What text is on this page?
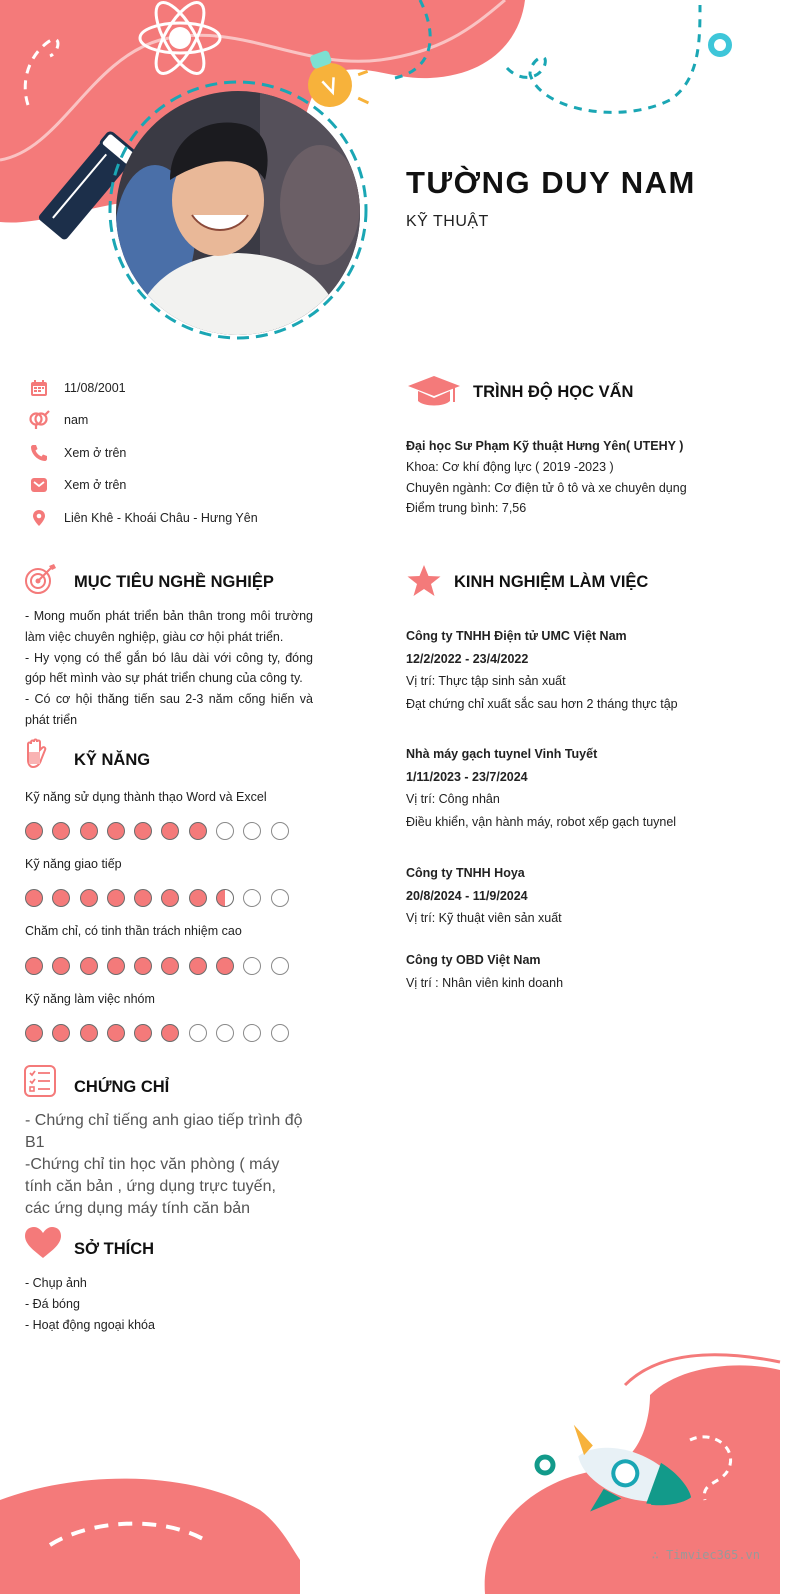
TƯỜNG DUY NAM
KỸ THUẬT
11/08/2001
nam
Xem ở trên
Xem ở trên
Liên Khê - Khoái Châu - Hưng Yên
MỤC TIÊU NGHỀ NGHIỆP
- Mong muốn phát triển bản thân trong môi trường làm việc chuyên nghiệp, giàu cơ hội phát triển.
- Hy vọng có thể gắn bó lâu dài với công ty, đóng góp hết mình vào sự phát triển chung của công ty.
- Có cơ hội thăng tiến sau 2-3 năm cống hiến và phát triển
KỸ NĂNG
Kỹ năng sử dụng thành thạo Word và Excel
Kỹ năng giao tiếp
Chăm chỉ, có tinh thần trách nhiệm cao
Kỹ năng làm việc nhóm
CHỨNG CHỈ
- Chứng chỉ tiếng anh giao tiếp trình độ B1
-Chứng chỉ tin học văn phòng ( máy tính căn bản , ứng dụng trực tuyến, các ứng dụng máy tính căn bản
SỞ THÍCH
- Chụp ảnh
- Đá bóng
- Hoạt động ngoại khóa
TRÌNH ĐỘ HỌC VẤN
Đại học Sư Phạm Kỹ thuật Hưng Yên( UTEHY )
Khoa: Cơ khí động lực ( 2019 -2023 )
Chuyên ngành: Cơ điện tử ô tô và xe chuyên dụng
Điểm trung bình: 7,56
KINH NGHIỆM LÀM VIỆC
Công ty TNHH Điện tử UMC Việt Nam
12/2/2022 - 23/4/2022
Vị trí: Thực tập sinh sản xuất
Đạt chứng chỉ xuất sắc sau hơn 2 tháng thực tập
Nhà máy gạch tuynel Vinh Tuyết
1/11/2023 - 23/7/2024
Vị trí: Công nhân
Điều khiển, vận hành máy, robot xếp gạch tuynel
Công ty TNHH Hoya
20/8/2024 - 11/9/2024
Vị trí: Kỹ thuật viên sản xuất
Công ty OBD Việt Nam
Vị trí : Nhân viên kinh doanh
∴ Timviec365.vn
